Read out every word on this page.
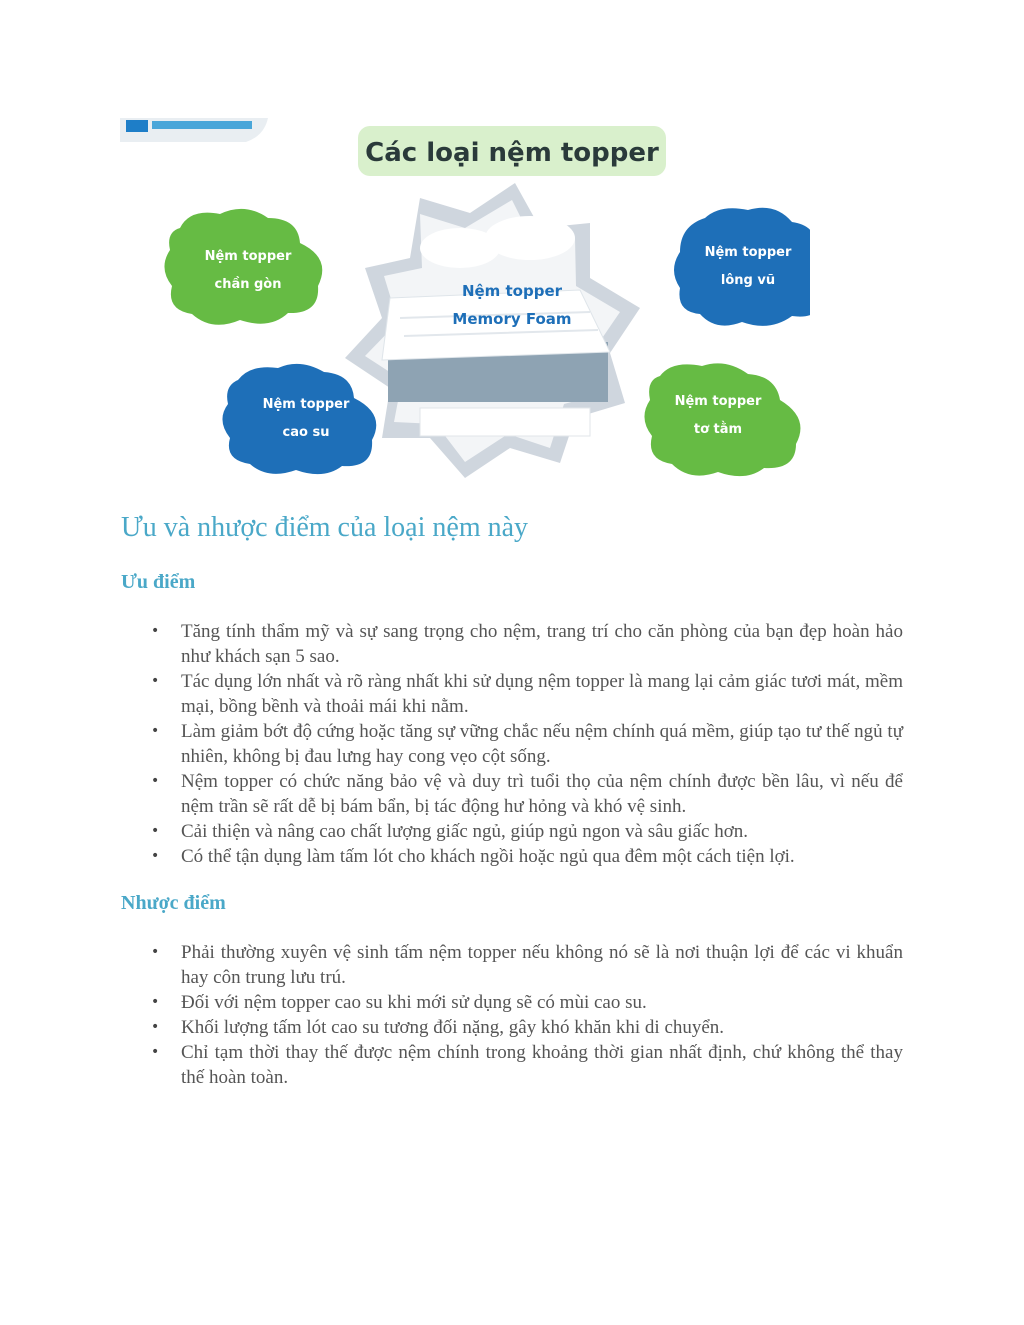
Các loại nệm topper
Nệm topper
Memory Foam
Nệm topper
chần gòn
Nệm topper
lông vũ
Nệm topper
cao su
Nệm topper
tơ tằm
Ưu và nhược điểm của loại nệm này
Ưu điểm
• Tăng tính thẩm mỹ và sự sang trọng cho nệm, trang trí cho căn phòng của bạn đẹp hoàn hảo như khách sạn 5 sao.
• Tác dụng lớn nhất và rõ ràng nhất khi sử dụng nệm topper là mang lại cảm giác tươi mát, mềm mại, bồng bềnh và thoải mái khi nằm.
• Làm giảm bớt độ cứng hoặc tăng sự vững chắc nếu nệm chính quá mềm, giúp tạo tư thế ngủ tự nhiên, không bị đau lưng hay cong vẹo cột sống.
• Nệm topper có chức năng bảo vệ và duy trì tuổi thọ của nệm chính được bền lâu, vì nếu để nệm trần sẽ rất dễ bị bám bẩn, bị tác động hư hỏng và khó vệ sinh.
• Cải thiện và nâng cao chất lượng giấc ngủ, giúp ngủ ngon và sâu giấc hơn.
• Có thể tận dụng làm tấm lót cho khách ngồi hoặc ngủ qua đêm một cách tiện lợi.
Nhược điểm
• Phải thường xuyên vệ sinh tấm nệm topper nếu không nó sẽ là nơi thuận lợi để các vi khuẩn hay côn trung lưu trú.
• Đối với nệm topper cao su khi mới sử dụng sẽ có mùi cao su.
• Khối lượng tấm lót cao su tương đối nặng, gây khó khăn khi di chuyển.
• Chỉ tạm thời thay thế được nệm chính trong khoảng thời gian nhất định, chứ không thể thay thế hoàn toàn.
